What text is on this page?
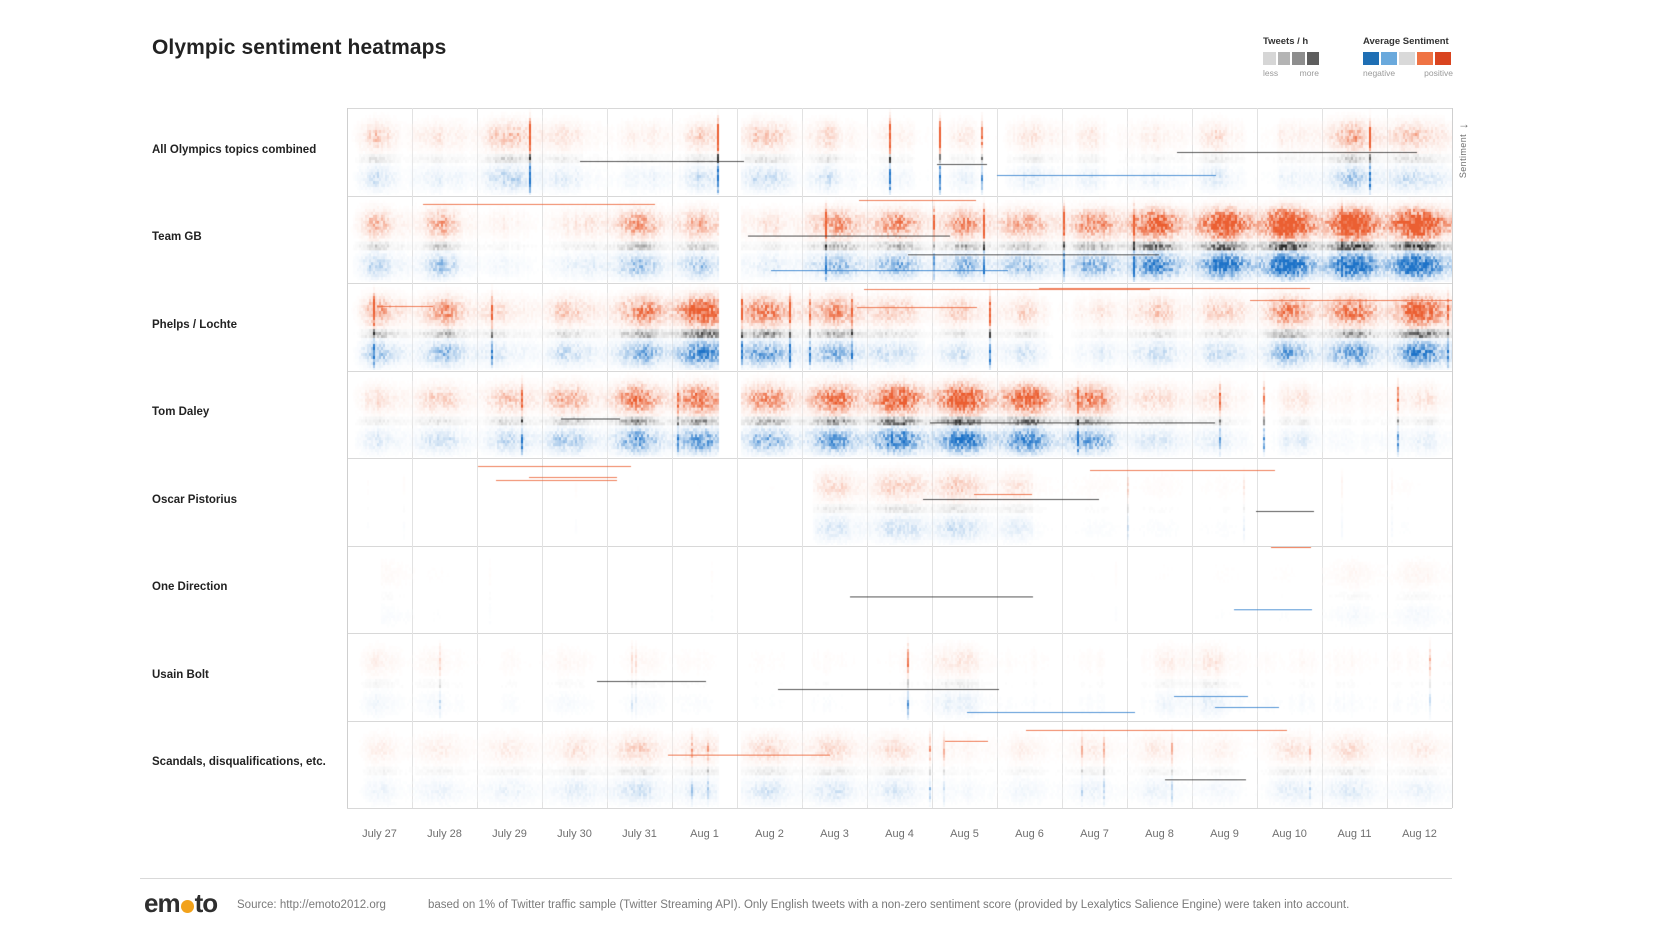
Olympic sentiment heatmaps	Tweets / h
less	more
Average Sentiment
negative	positive
All Olympics topics combined
Team GB
Phelps / Lochte
Tom Daley
Oscar Pistorius
One Direction
Usain Bolt
Scandals, disqualifications, etc.
July 27	July 28	July 29	July 30	July 31	Aug 1	Aug 2	Aug 3	Aug 4	Aug 5	Aug 6	Aug 7	Aug 8	Aug 9	Aug 10	Aug 11	Aug 12
→
Sentiment
em to Source: http://emoto2012.org	based on 1% of Twitter traffic sample (Twitter Streaming API). Only English tweets with a non-zero sentiment score (provided by Lexalytics Salience Engine) were taken into account.
